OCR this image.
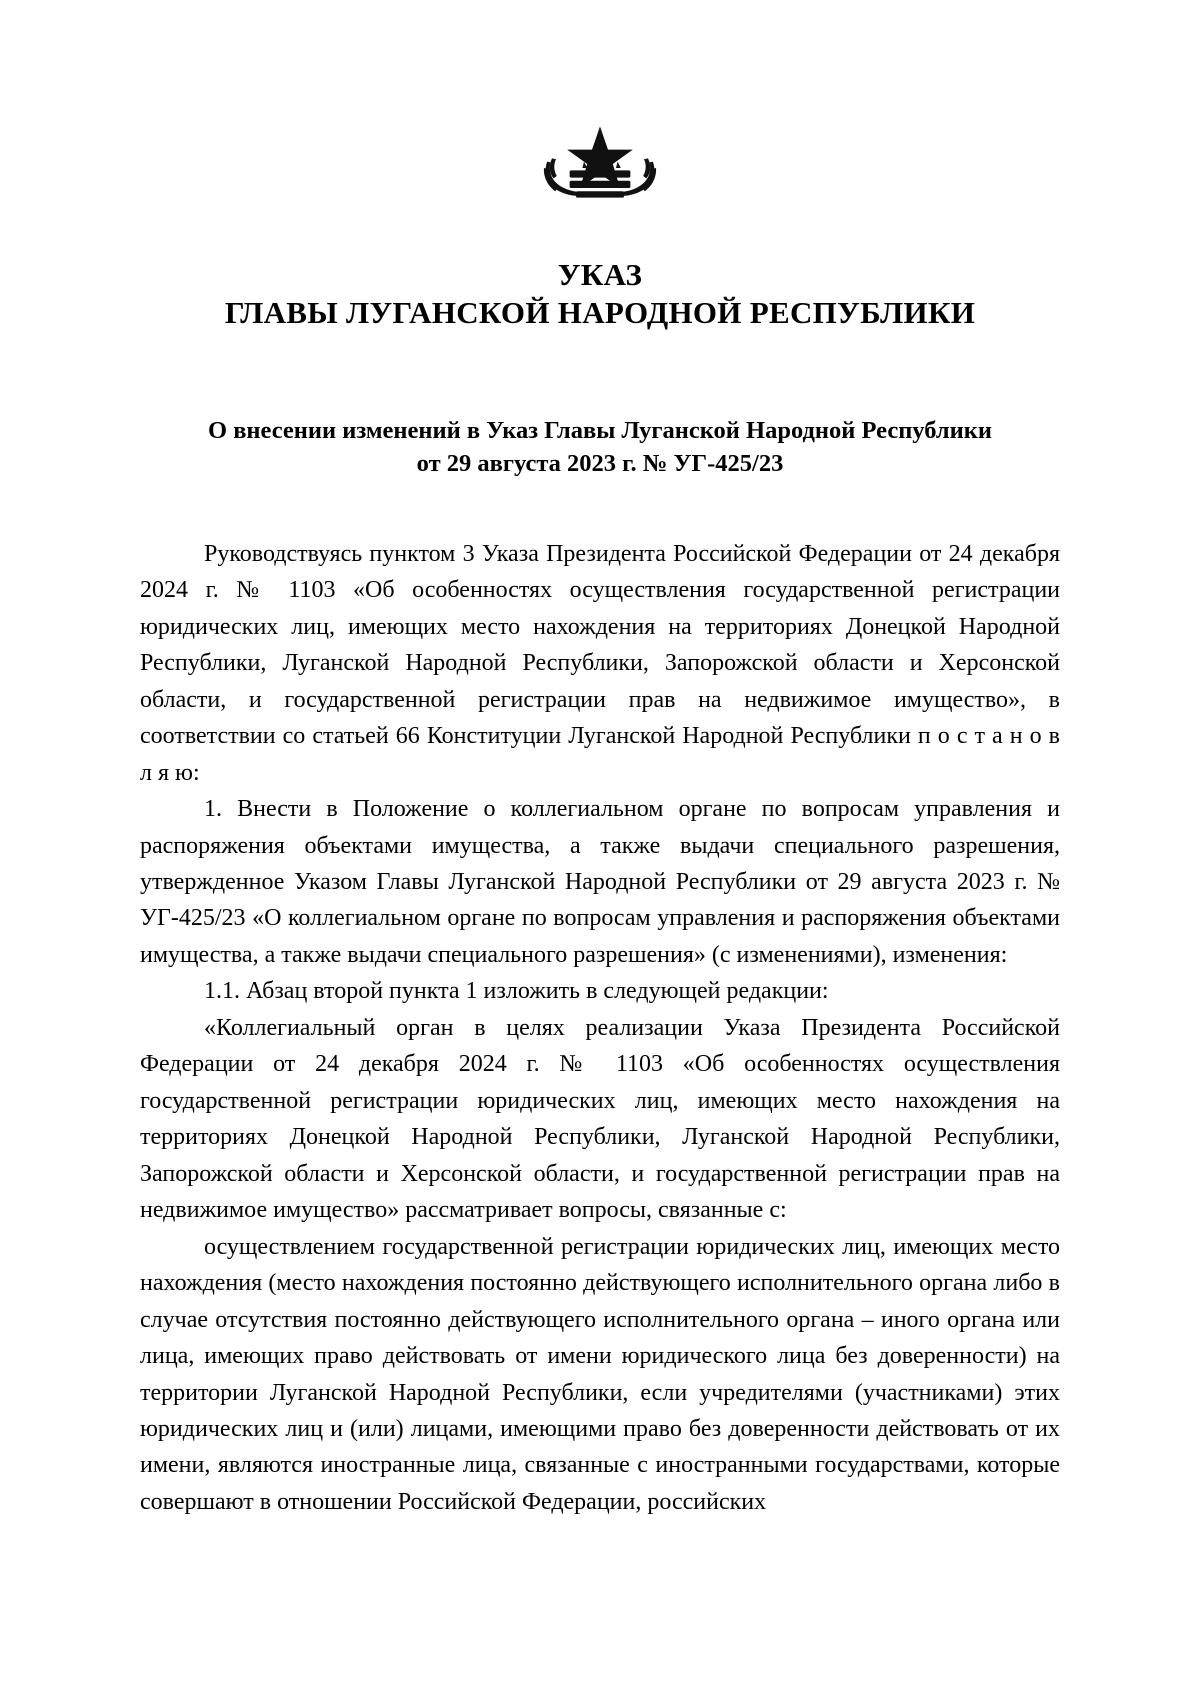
УКАЗ
ГЛАВЫ ЛУГАНСКОЙ НАРОДНОЙ РЕСПУБЛИКИ
О внесении изменений в Указ Главы Луганской Народной Республики
от 29 августа 2023 г. № УГ-425/23

Руководствуясь пунктом 3 Указа Президента Российской Федерации от 24 декабря 2024 г. № 1103 «Об особенностях осуществления государственной регистрации юридических лиц, имеющих место нахождения на территориях Донецкой Народной Республики, Луганской Народной Республики, Запорожской области и Херсонской области, и государственной регистрации прав на недвижимое имущество», в соответствии со статьей 66 Конституции Луганской Народной Республики п о с т а н о в л я ю:

1. Внести в Положение о коллегиальном органе по вопросам управления и распоряжения объектами имущества, а также выдачи специального разрешения, утвержденное Указом Главы Луганской Народной Республики от 29 августа 2023 г. № УГ-425/23 «О коллегиальном органе по вопросам управления и распоряжения объектами имущества, а также выдачи специального разрешения» (с изменениями), изменения:

1.1. Абзац второй пункта 1 изложить в следующей редакции:

«Коллегиальный орган в целях реализации Указа Президента Российской Федерации от 24 декабря 2024 г. № 1103 «Об особенностях осуществления государственной регистрации юридических лиц, имеющих место нахождения на территориях Донецкой Народной Республики, Луганской Народной Республики, Запорожской области и Херсонской области, и государственной регистрации прав на недвижимое имущество» рассматривает вопросы, связанные с:

осуществлением государственной регистрации юридических лиц, имеющих место нахождения (место нахождения постоянно действующего исполнительного органа либо в случае отсутствия постоянно действующего исполнительного органа – иного органа или лица, имеющих право действовать от имени юридического лица без доверенности) на территории Луганской Народной Республики, если учредителями (участниками) этих юридических лиц и (или) лицами, имеющими право без доверенности действовать от их имени, являются иностранные лица, связанные с иностранными государствами, которые совершают в отношении Российской Федерации, российских
